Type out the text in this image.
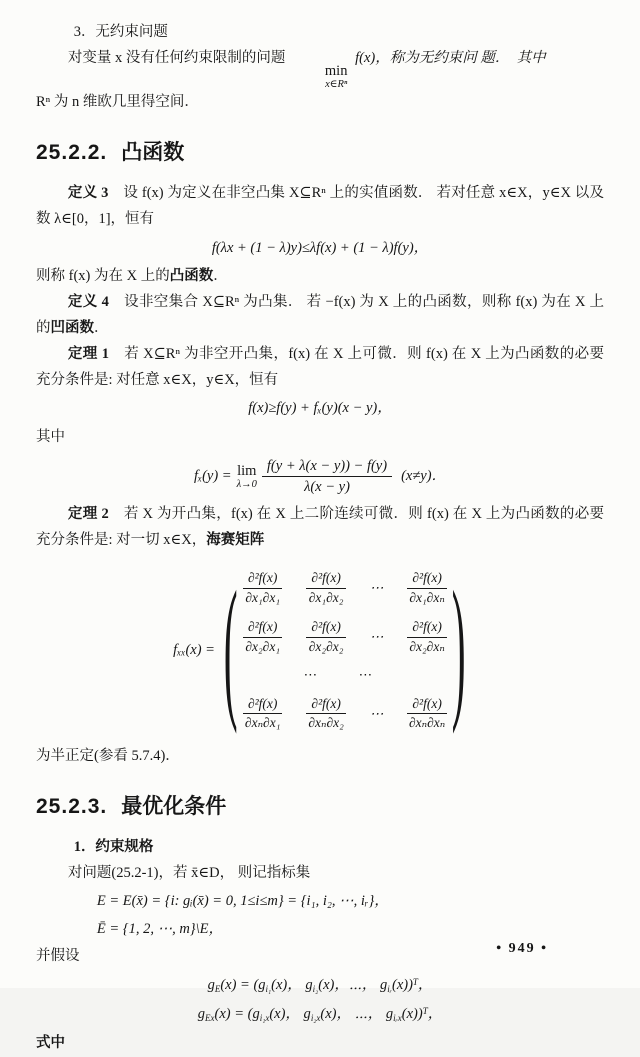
3．无约束问题

对变量 x 没有任何约束限制的问题
min
x∈Rⁿ
f(x)，称为无约束问 题．　其中

Rⁿ 为 n 维欧几里得空间．

25.2.2. 凸函数

定义 3　设 f(x) 为定义在非空凸集 X⊆Rⁿ 上的实值函数． 若对任意 x∈X，y∈X 以及数 λ∈[0，1]，恒有

f(λx + (1 − λ)y)≤λf(x) + (1 − λ)f(y)，

则称 f(x) 为在 X 上的凸函数．

定义 4　设非空集合 X⊆Rⁿ 为凸集． 若 −f(x) 为 X 上的凸函数，则称 f(x) 为在 X 上的凹函数．

定理 1　若 X⊆Rⁿ 为非空开凸集，f(x) 在 X 上可微．则 f(x) 在 X 上为凸函数的必要充分条件是: 对任意 x∈X，y∈X，恒有

f(x)≥f(y) + fₓ(y)(x − y)，

其中

fₓ(y) = lim
$\lambda\to 0 \frac{f(y + \lambda(x - y)) - f(y)}{\lambda(x - y)} (x\ne y)$．

定理 2　若 X 为开凸集，f(x) 在 X 上二阶连续可微．则 f(x) 在 X 上为凸函数的必要充分条件是: 对一切 x∈X，海赛矩阵

fₓₓ(x) = ( $\frac{\text{∂²f(x)}}{\text{∂x₁∂x₁}} \frac{\text{∂²f(x)}}{\text{∂x₁∂x₂}}$ ⋯ $\frac{\text{∂²f(x)}}{\text{∂x₁∂xₙ}}$
$\frac{\text{∂²f(x)}}{\text{∂x₂∂x₁}} \frac{\text{∂²f(x)}}{\text{∂x₂∂x₂}}$ ⋯ $\frac{\text{∂²f(x)}}{\text{∂x₂∂xₙ}}$
⋯　⋯
$\frac{\text{∂²f(x)}}{\text{∂xₙ∂x₁}} \frac{\text{∂²f(x)}}{\text{∂xₙ∂x₂}}$ ⋯ $\frac{\text{∂²f(x)}}{\text{∂xₙ∂xₙ}}$ )

为半正定(参看 5.7.4)．

25.2.3. 最优化条件

1．约束规格

对问题(25.2-1)，若 x̄∈D， 则记指标集

E = E(x̄) = {i: gᵢ(x̄) = 0, 1≤i≤m} = {i₁, i₂, ⋯, iᵣ}，

Ē = {1, 2, ⋯, m}\E，

并假设

$g_E(x) = (g_{i_1}(x)$， $g_{i_2}(x)$，⋯， $g_{iᵣ}(x))^T$，

$g_{Ex}(x) = (g_{i_1x}(x)$， $g_{i_2x}(x)$， ⋯， $g_{iᵣx}(x))^T$，

式中

• 949 •
